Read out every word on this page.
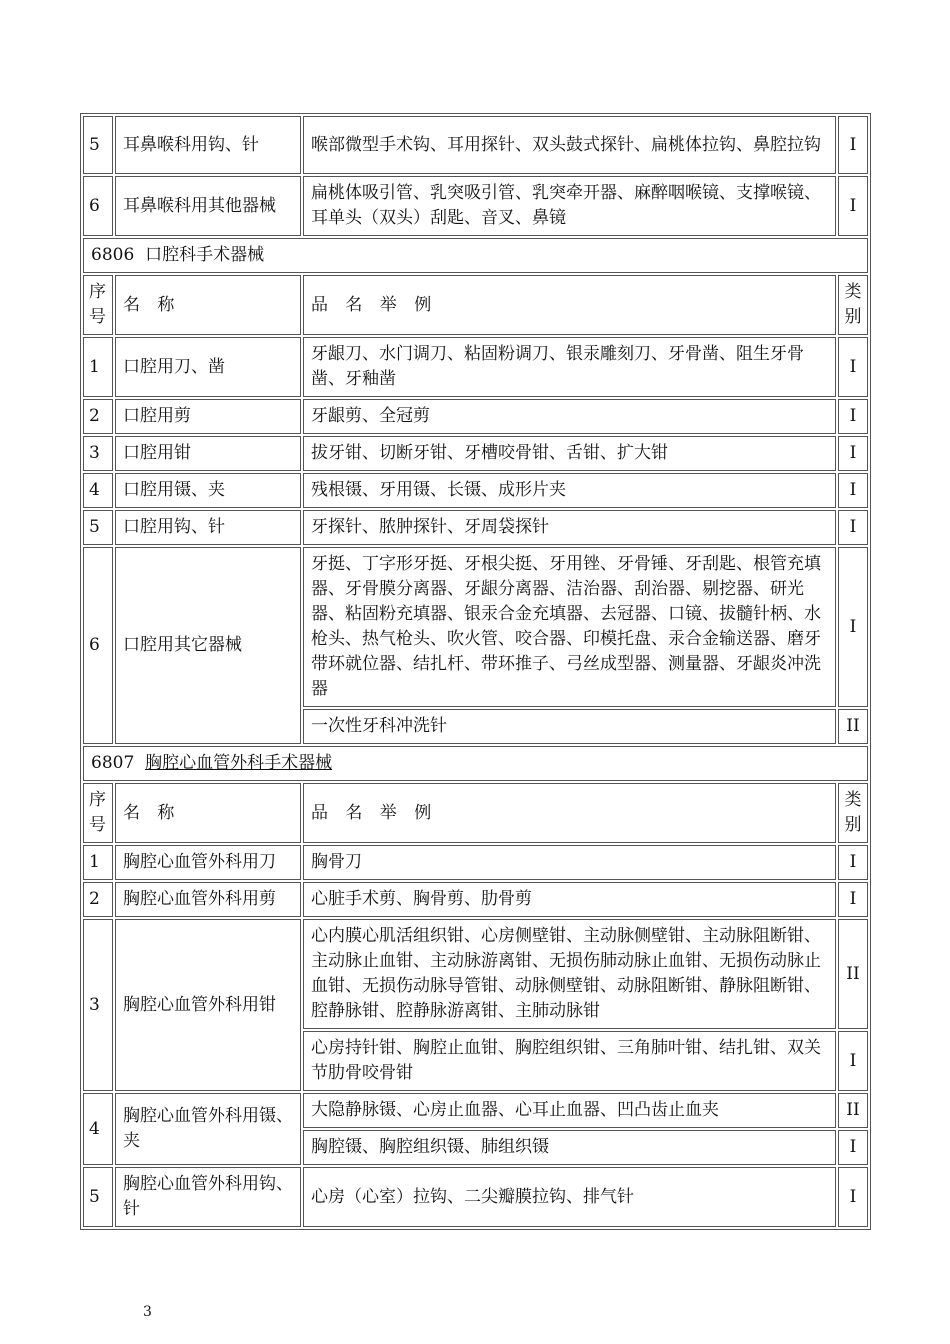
5	耳鼻喉科用钩、针	喉部微型手术钩、耳用探针、双头鼓式探针、扁桃体拉钩、鼻腔拉钩	I
6	耳鼻喉科用其他器械	扁桃体吸引管、乳突吸引管、乳突牵开器、麻醉咽喉镜、支撑喉镜、耳单头（双头）刮匙、音叉、鼻镜	I
6806 口腔科手术器械			
序号	名 称	品 名 举 例	类别
1	口腔用刀、凿	牙龈刀、水门调刀、粘固粉调刀、银汞雕刻刀、牙骨凿、阻生牙骨凿、牙釉凿	I
2	口腔用剪	牙龈剪、全冠剪	I
3	口腔用钳	拔牙钳、切断牙钳、牙槽咬骨钳、舌钳、扩大钳	I
4	口腔用镊、夹	残根镊、牙用镊、长镊、成形片夹	I
5	口腔用钩、针	牙探针、脓肿探针、牙周袋探针	I
6	口腔用其它器械	牙挺、丁字形牙挺、牙根尖挺、牙用锉、牙骨锤、牙刮匙、根管充填器、牙骨膜分离器、牙龈分离器、洁治器、刮治器、剔挖器、研光器、粘固粉充填器、银汞合金充填器、去冠器、口镜、拔髓针柄、水枪头、热气枪头、吹火管、咬合器、印模托盘、汞合金输送器、磨牙带环就位器、结扎杆、带环推子、弓丝成型器、测量器、牙龈炎冲洗器	I
		一次性牙科冲洗针	II
6807 胸腔心血管外科手术器械			
序号	名 称	品 名 举 例	类别
1	胸腔心血管外科用刀	胸骨刀	I
2	胸腔心血管外科用剪	心脏手术剪、胸骨剪、肋骨剪	I
3	胸腔心血管外科用钳	心内膜心肌活组织钳、心房侧壁钳、主动脉侧壁钳、主动脉阻断钳、主动脉止血钳、主动脉游离钳、无损伤肺动脉止血钳、无损伤动脉止血钳、无损伤动脉导管钳、动脉侧壁钳、动脉阻断钳、静脉阻断钳、腔静脉钳、腔静脉游离钳、主肺动脉钳	II
		心房持针钳、胸腔止血钳、胸腔组织钳、三角肺叶钳、结扎钳、双关节肋骨咬骨钳	I
4	胸腔心血管外科用镊、夹	大隐静脉镊、心房止血器、心耳止血器、凹凸齿止血夹	II
		胸腔镊、胸腔组织镊、肺组织镊	I
5	胸腔心血管外科用钩、针	心房（心室）拉钩、二尖瓣膜拉钩、排气针	I
3
